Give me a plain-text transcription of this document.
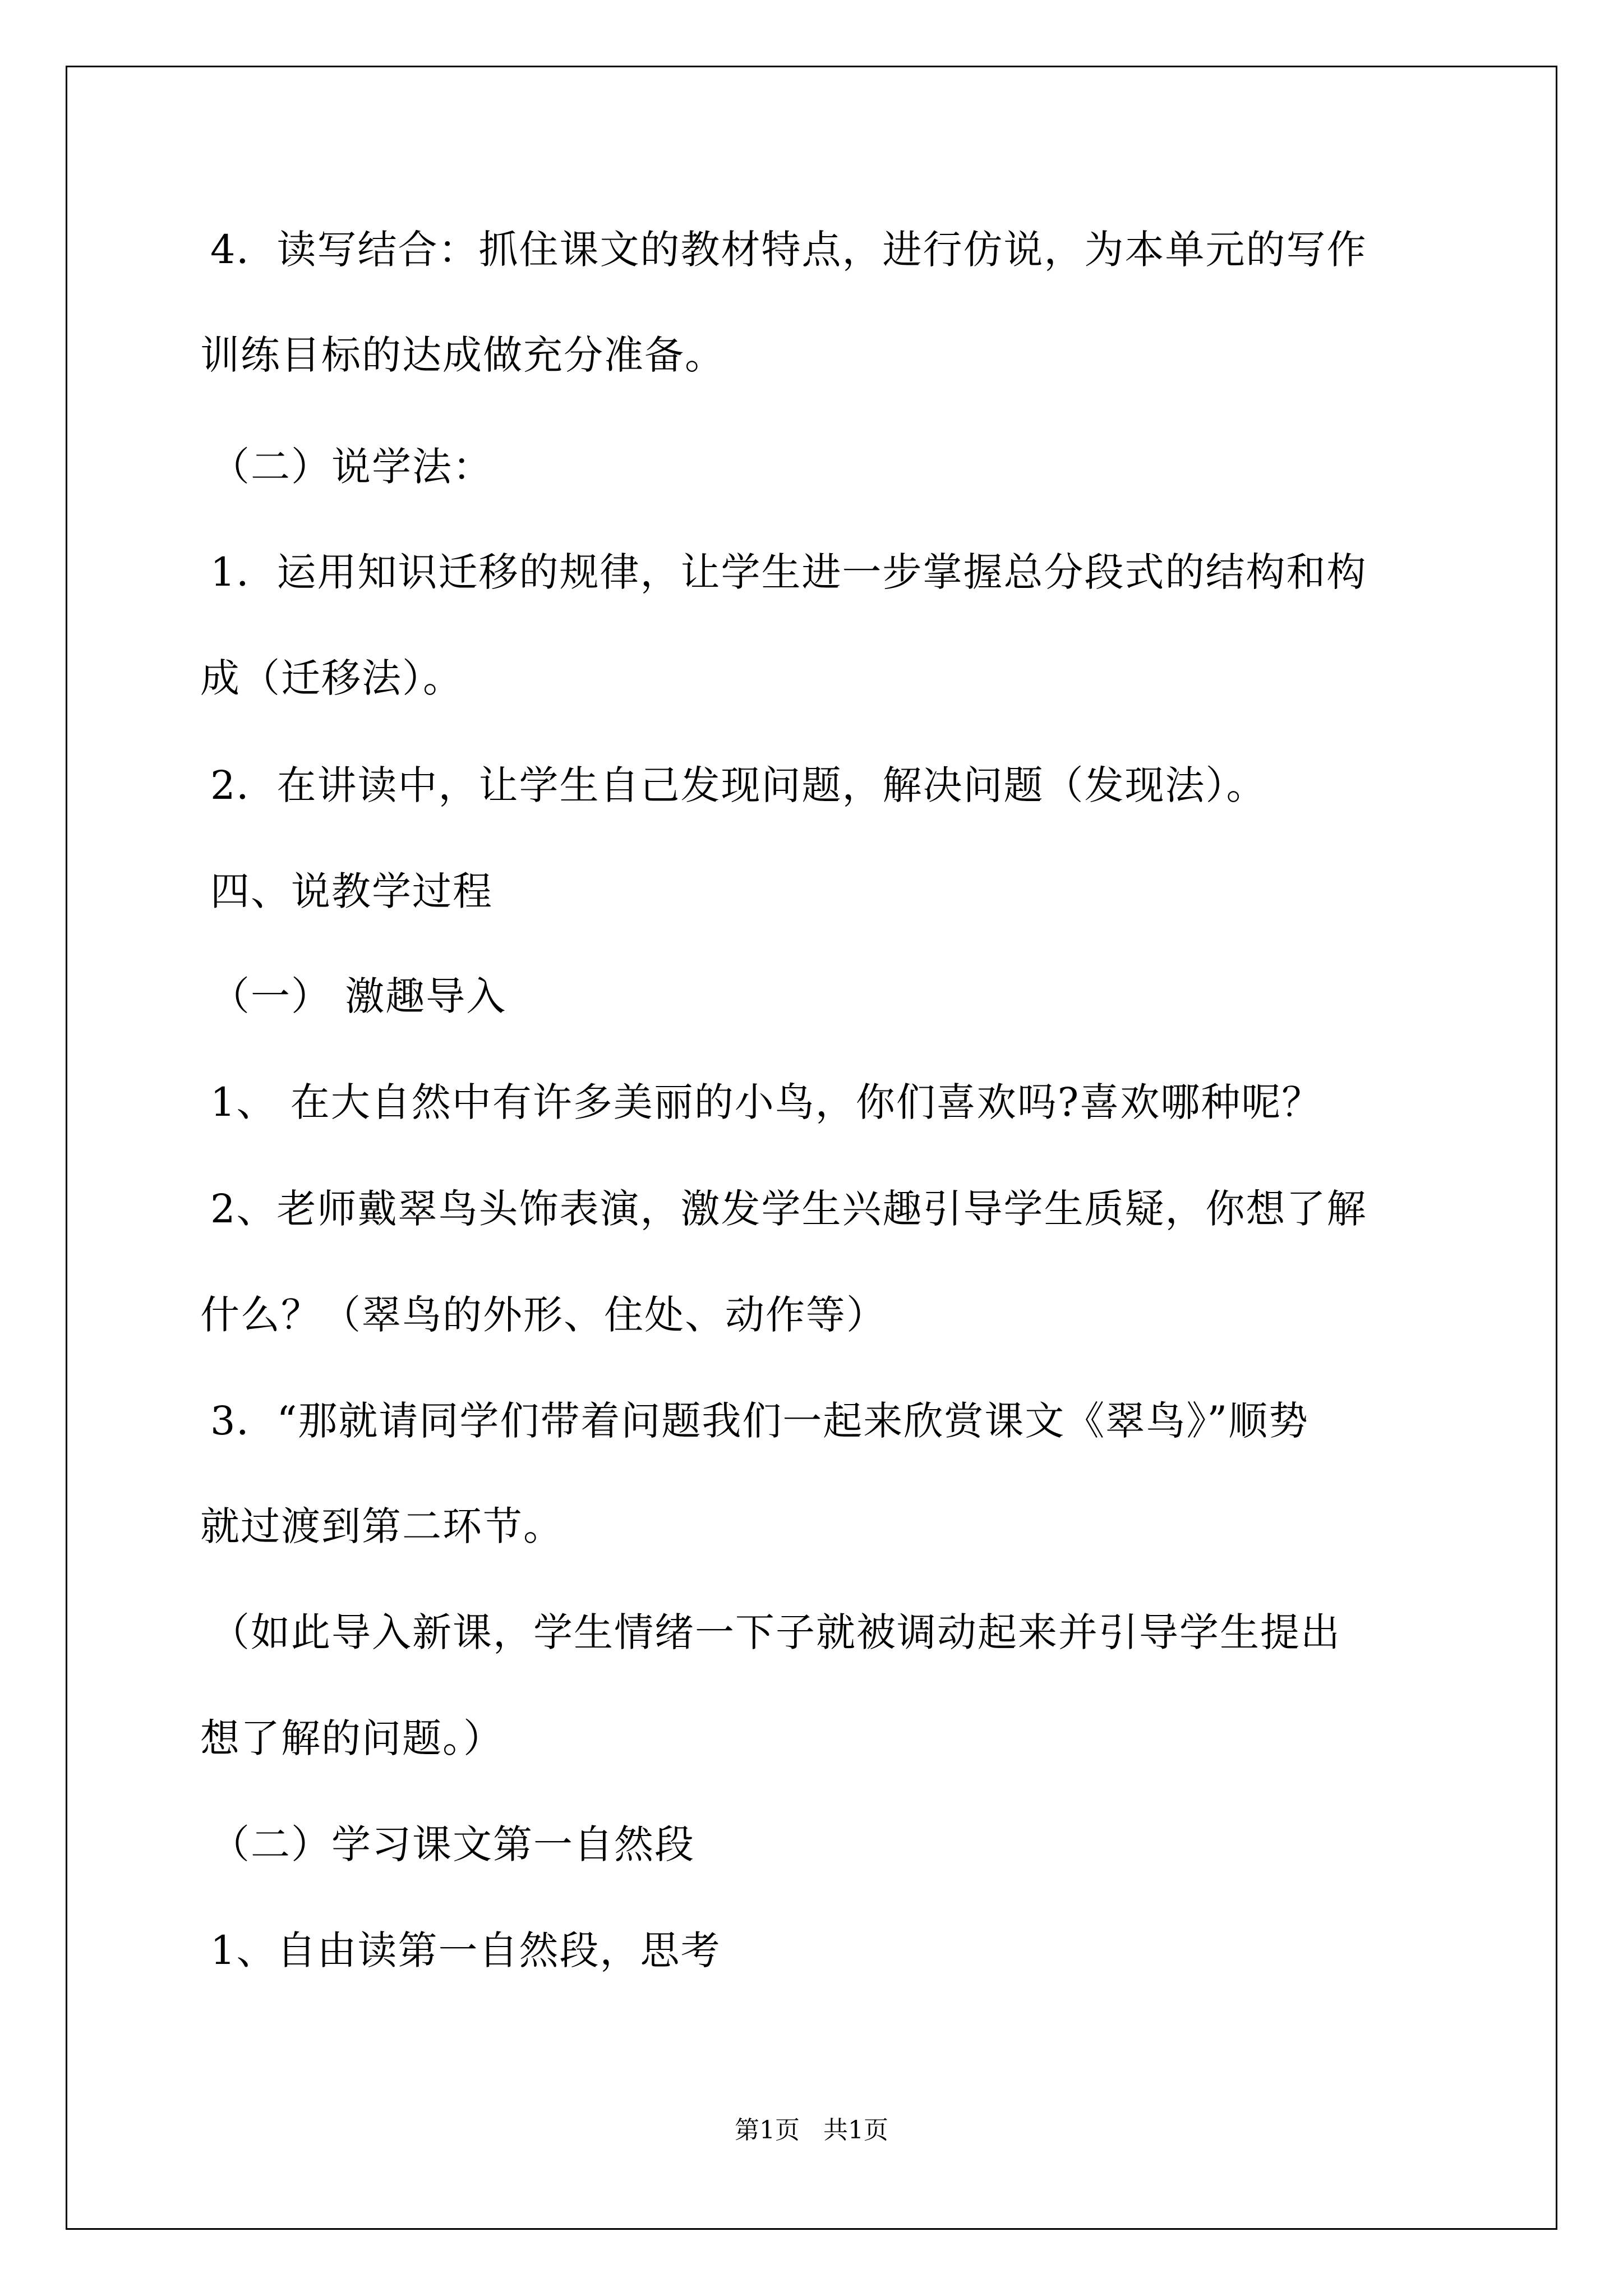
4．读写结合：抓住课文的教材特点，进行仿说，为本单元的写作
训练目标的达成做充分准备。
（二）说学法：
1．运用知识迁移的规律，让学生进一步掌握总分段式的结构和构
成（迁移法）。
2．在讲读中，让学生自己发现问题，解决问题（发现法）。
四、说教学过程
（一） 激趣导入
1、 在大自然中有许多美丽的小鸟，你们喜欢吗?喜欢哪种呢？
2、老师戴翠鸟头饰表演，激发学生兴趣引导学生质疑，你想了解
什么？（翠鸟的外形、住处、动作等）
3．“那就请同学们带着问题我们一起来欣赏课文《翠鸟》”顺势
就过渡到第二环节。
（如此导入新课，学生情绪一下子就被调动起来并引导学生提出
想了解的问题。）
（二）学习课文第一自然段
1、自由读第一自然段，思考
第1页   共1页
